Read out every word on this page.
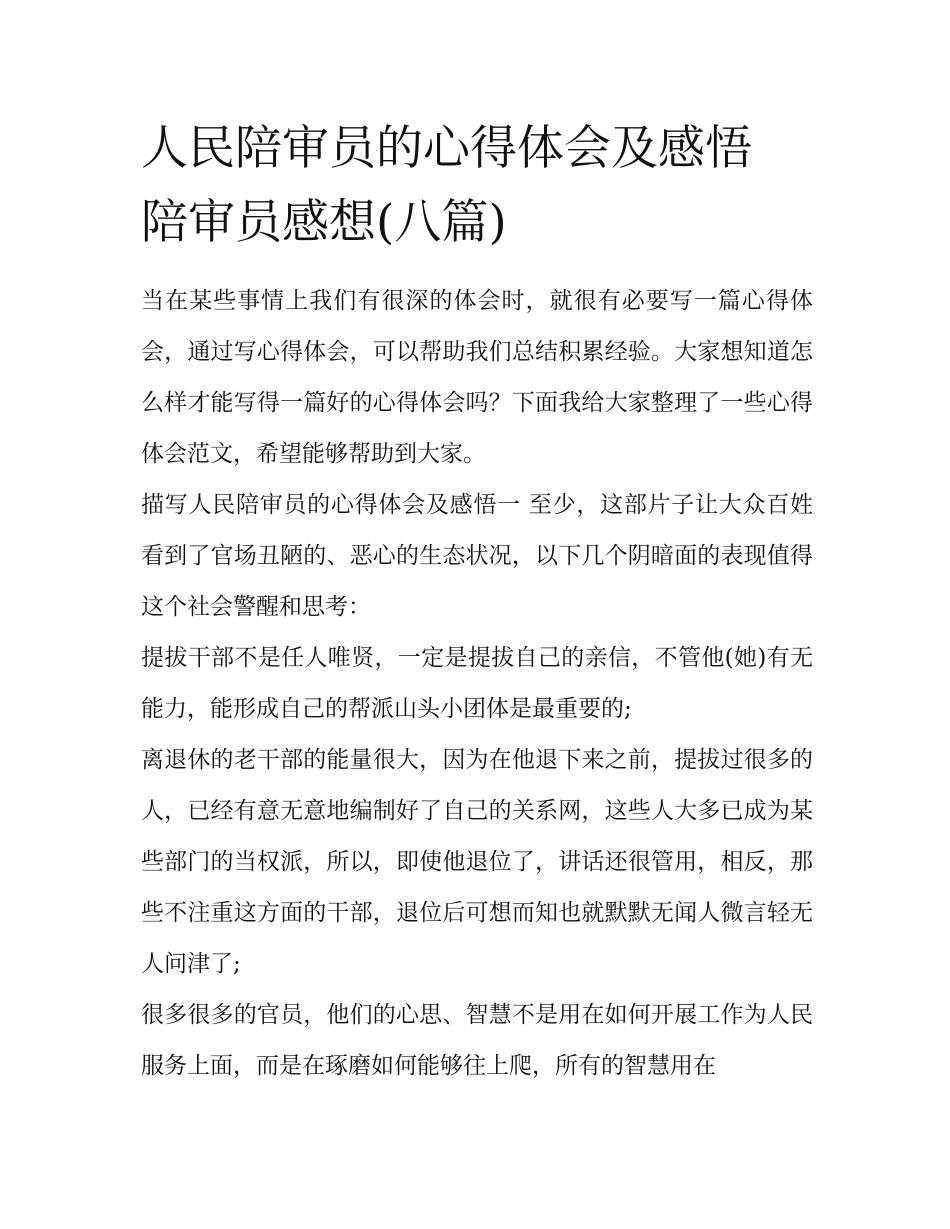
人民陪审员的心得体会及感悟
陪审员感想(八篇)

当在某些事情上我们有很深的体会时，就很有必要写一篇心得体会，通过写心得体会，可以帮助我们总结积累经验。大家想知道怎么样才能写得一篇好的心得体会吗？下面我给大家整理了一些心得体会范文，希望能够帮助到大家。

描写人民陪审员的心得体会及感悟一 至少，这部片子让大众百姓看到了官场丑陋的、恶心的生态状况，以下几个阴暗面的表现值得这个社会警醒和思考：

提拔干部不是任人唯贤，一定是提拔自己的亲信，不管他(她)有无能力，能形成自己的帮派山头小团体是最重要的;

离退休的老干部的能量很大，因为在他退下来之前，提拔过很多的人，已经有意无意地编制好了自己的关系网，这些人大多已成为某些部门的当权派，所以，即使他退位了，讲话还很管用，相反，那些不注重这方面的干部，退位后可想而知也就默默无闻人微言轻无人问津了;

很多很多的官员，他们的心思、智慧不是用在如何开展工作为人民服务上面，而是在琢磨如何能够往上爬，所有的智慧用在
